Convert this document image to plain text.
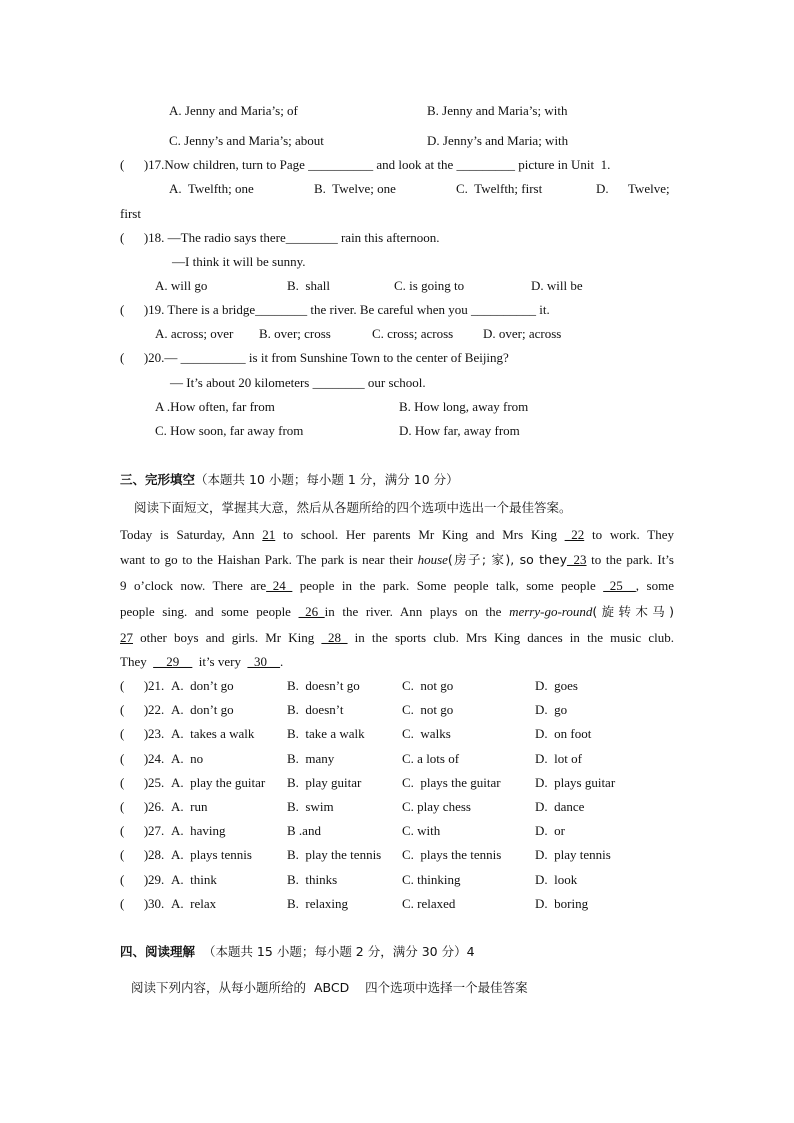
A. Jenny and Maria’s; of	B. Jenny and Maria’s; with
C. Jenny’s and Maria’s; about	D. Jenny’s and Maria; with
(      )17.Now children, turn to Page __________ and look at the _________ picture in Unit  1.
A.  Twelfth; one	B.  Twelve; one	C.  Twelfth; first	D.      Twelve;
first
(      )18. —The radio says there________ rain this afternoon.
—I think it will be sunny.
A. will go	B.  shall	C. is going to	D. will be
(      )19. There is a bridge________ the river. Be careful when you __________ it.
A. across; over B. over; cross	C. cross; across D. over; across
(      )20.— __________ is it from Sunshine Town to the center of Beijing?
— It’s about 20 kilometers ________ our school.
A .How often, far from	B. How long, away from
C. How soon, far away from	D. How far, away from
三、完形填空（本题共 10 小题；每小题 1 分，满分 10 分）
阅读下面短文，掌握其大意，然后从各题所给的四个选项中选出一个最佳答案。
Today is Saturday, Ann 21 to school. Her parents Mr King and Mrs King _22 to work. They
want to go to the Haishan Park. The park is near their house(房子; 家), so they_23 to the park. It’s
9 o’clock now. There are_24_ people in the park. Some people talk, some people _25__, some
people sing. and some people _26_in the river. Ann plays on the merry-go-round(旋转木马)
27 other boys and girls. Mr King _28_ in the sports club. Mrs King dances in the music club.
They  __29__  it’s very  _30__.
(      ) 21. A.  don’t go	B.  doesn’t go	C.  not go	D.  goes
(      ) 22. A.  don’t go	B.  doesn’t	C.  not go	D.  go
(      ) 23. A.  takes a walk	B.  take a walk	C.  walks	D.  on foot
(      ) 24. A.  no	B.  many	C. a lots of	D.  lot of
(      ) 25. A.  play the guitar B.  play guitar	C.  plays the guitar	D.  plays guitar
(      ) 26. A.  run	B.  swim	C. play chess	D.  dance
(      ) 27. A.  having	B .and	C. with	D.  or
(      ) 28. A.  plays tennis	B.  play the tennis C.  plays the tennis	D.  play tennis
(      ) 29. A.  think	B.  thinks	C. thinking	D.  look
(      ) 30. A.  relax	B.  relaxing	C. relaxed	D.  boring
四、阅读理解  （本题共 15 小题；每小题 2 分，满分 30 分）4
阅读下列内容，从每小题所给的  ABCD    四个选项中选择一个最佳答案
